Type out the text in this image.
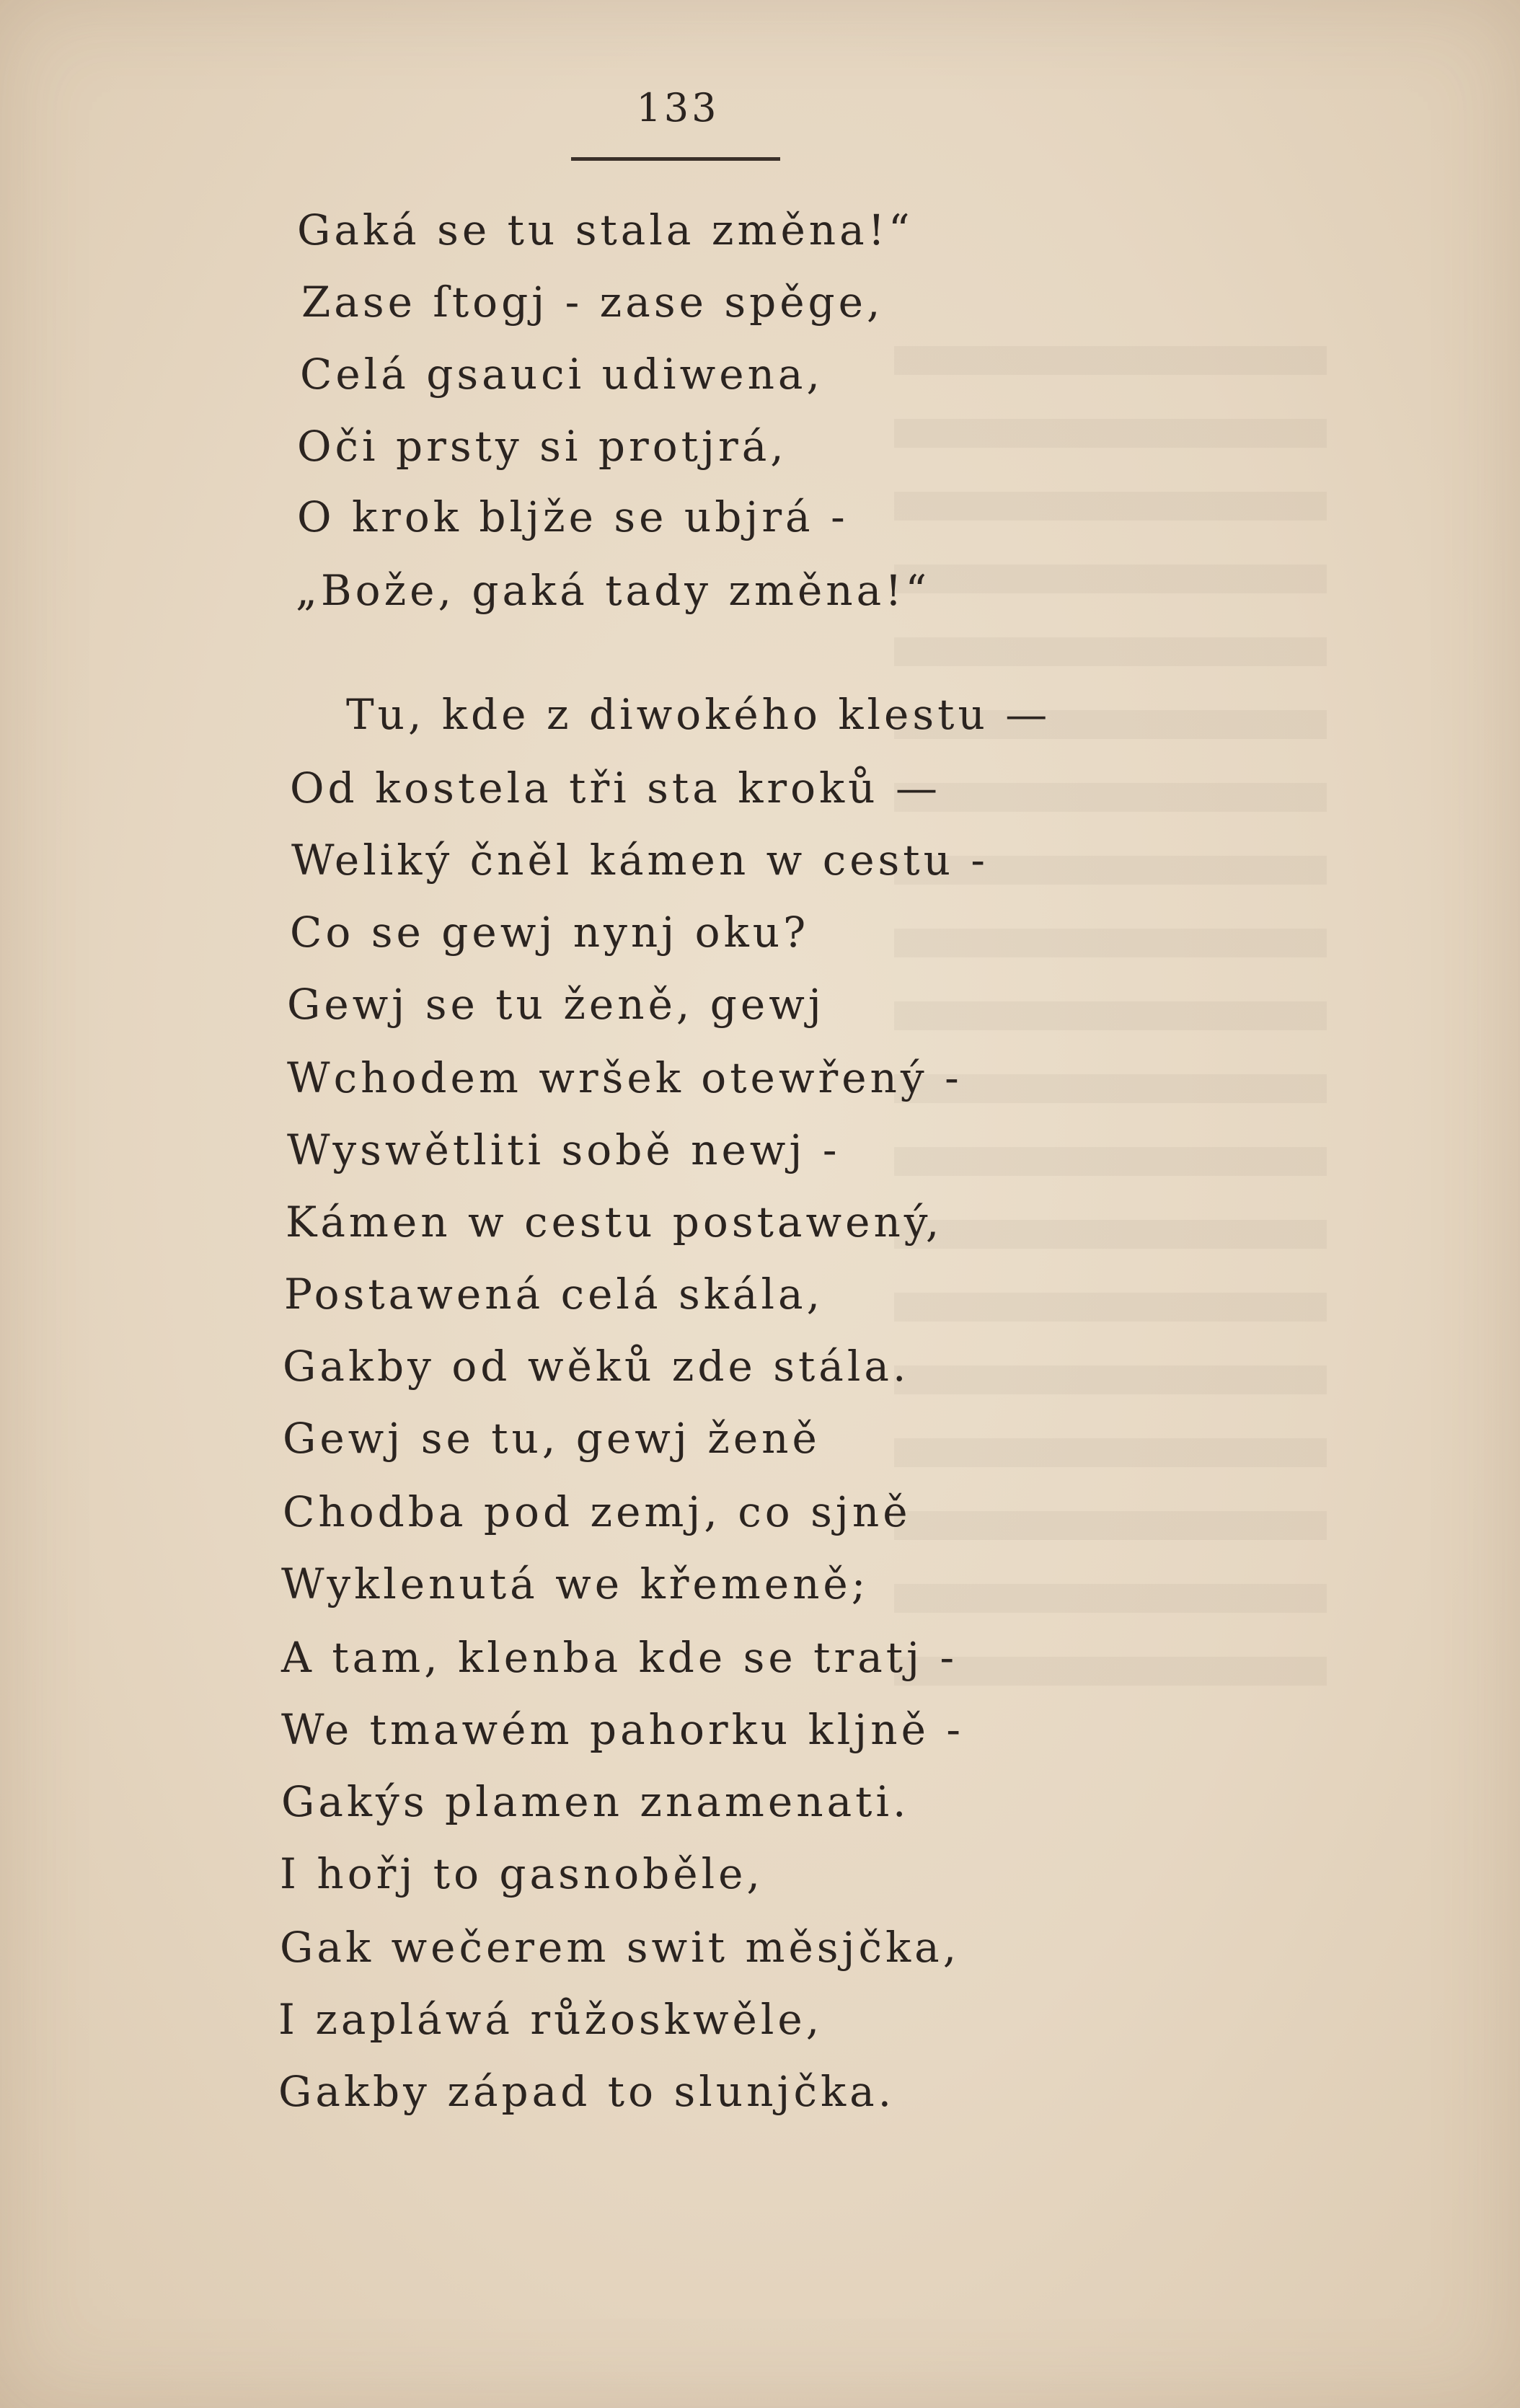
133
Gaká se tu stala změna!“
Zase ſtogj - zase spěge,
Celá gsauci udiwena,
Oči prsty si protjrá,
O krok bljže se ubjrá -
„Bože, gaká tady změna!“
Tu, kde z diwokého klestu —
Od kostela tři sta kroků —
Weliký čněl kámen w cestu -
Co se gewj nynj oku?
Gewj se tu ženě, gewj
Wchodem wršek otewřený -
Wyswětliti sobě newj -
Kámen w cestu postawený,
Postawená celá skála,
Gakby od wěků zde stála.
Gewj se tu, gewj ženě
Chodba pod zemj, co sjně
Wyklenutá we křemeně;
A tam, klenba kde se tratj -
We tmawém pahorku kljně -
Gakýs plamen znamenati.
I hořj to gasnoběle,
Gak wečerem swit měsjčka,
I zapláwá růžoskwěle,
Gakby západ to slunjčka.
